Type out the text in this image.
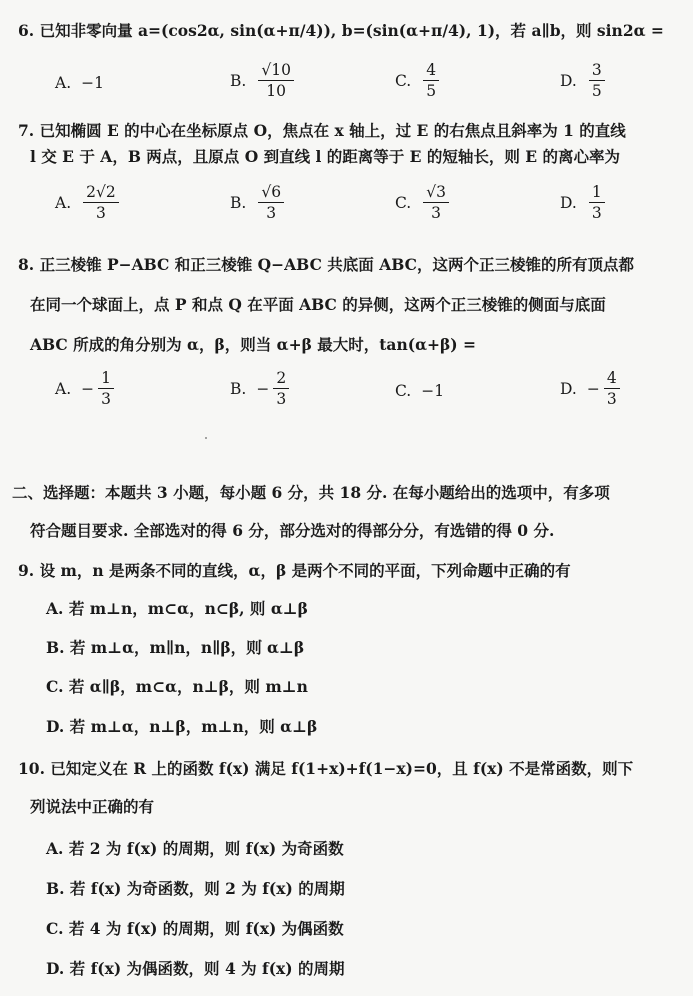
6. 已知非零向量 a=(cos2α, sin(α+π/4)), b=(sin(α+π/4), 1)，若 a∥b，则 sin2α =
A. −1	B. $\frac{√10}{10}$	C. $\frac{4}{5}$	D. $\frac{3}{5}$
7. 已知椭圆 E 的中心在坐标原点 O，焦点在 x 轴上，过 E 的右焦点且斜率为 1 的直线
l 交 E 于 A，B 两点，且原点 O 到直线 l 的距离等于 E 的短轴长，则 E 的离心率为
A. $\frac{2√2}{3}$	B. $\frac{√6}{3}$	C. $\frac{√3}{3}$	D. $\frac{1}{3}$
8. 正三棱锥 P−ABC 和正三棱锥 Q−ABC 共底面 ABC，这两个正三棱锥的所有顶点都
在同一个球面上，点 P 和点 Q 在平面 ABC 的异侧，这两个正三棱锥的侧面与底面
ABC 所成的角分别为 α，β，则当 α+β 最大时，tan(α+β) =
A. − $\frac{1}{3}$	B. − $\frac{2}{3}$	C. −1	D. − $\frac{4}{3}$
二、选择题：本题共 3 小题，每小题 6 分，共 18 分. 在每小题给出的选项中，有多项
符合题目要求. 全部选对的得 6 分，部分选对的得部分分，有选错的得 0 分.
9. 设 m，n 是两条不同的直线，α，β 是两个不同的平面，下列命题中正确的有
A. 若 m⊥n，m⊂α，n⊂β, 则 α⊥β
B. 若 m⊥α，m∥n，n∥β，则 α⊥β
C. 若 α∥β，m⊂α，n⊥β，则 m⊥n
D. 若 m⊥α，n⊥β，m⊥n，则 α⊥β
10. 已知定义在 R 上的函数 f(x) 满足 f(1+x)+f(1−x)=0，且 f(x) 不是常函数，则下
列说法中正确的有
A. 若 2 为 f(x) 的周期，则 f(x) 为奇函数
B. 若 f(x) 为奇函数，则 2 为 f(x) 的周期
C. 若 4 为 f(x) 的周期，则 f(x) 为偶函数
D. 若 f(x) 为偶函数，则 4 为 f(x) 的周期
